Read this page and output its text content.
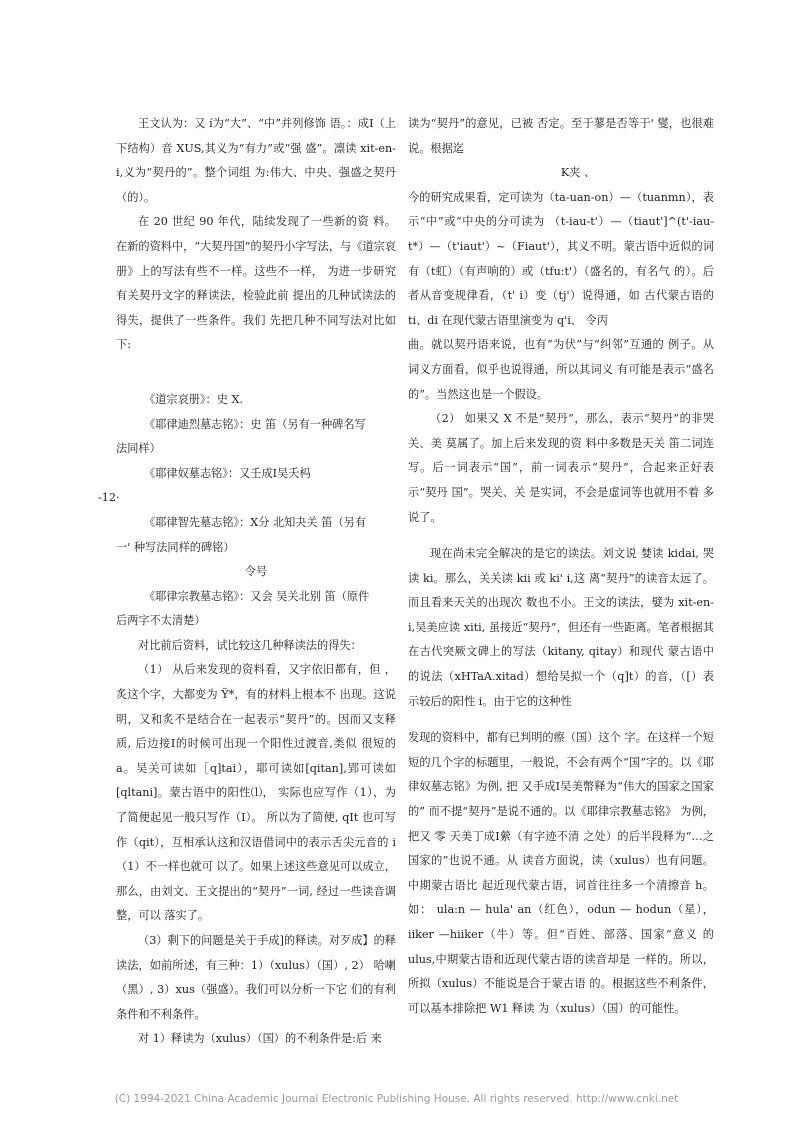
王文认为：又 í为“大”、“中”并列修饰 语。：成Ⅰ（上下结构）音 XUS,其义为“有力”或“强 盛”。凛读 xit-en-i,义为“契丹的”。整个词组 为:伟大、中央、强盛之契丹（的）。
在 20 世纪 90 年代，陆续发现了一些新的资 料。在新的资料中，“大契丹国”的契丹小字写法，与《道宗哀册》上的写法有些不一样。这些不一样， 为进一步研究有关契丹文字的释读法，检验此前 提出的几种试读法的得失，提供了一些条件。我们 先把几种不同写法对比如下:
《道宗哀册》：史 X.
《耶律迪烈墓志铭》：史 笛（另有一种碑名写
法同样）
《耶律奴墓志铭》：又壬成Ⅰ吴夭杩
-12·
《耶律智先墓志铭》：X分 北知夬关 笛（另有
一' 种写法同样的碑铭）
令号
《耶律宗教墓志铭》：又会 吴关北别 笛（原件
后两字不太清楚）
对比前后资料，试比较这几种释读法的得失：
（1） 从后来发现的资料看，又字依旧都有，但 ，炙这个字，大都变为 Ÿ*，有的材料上根本不 出现。这说明，又和炙不是结合在一起表示“契丹”的。因而又支释质, 后边接Ⅰ的时候可出现一个阳性过渡音,类似 很短的 a。吴关可读如［q]tai），耶可读如[qitan],郢可读如[qltani]。蒙古语中的阳性⑴， 实际也应写作（1），为了简便起见一般只写作（I）。 所以为了简便, qIt 也可写作（qit），互相承认这和汉语借词中的表示舌尖元音的 i（1）不一样也就可 以了。如果上述这些意见可以成立，那么，由刘文、王文提出的“契丹”一词, 经过一些读音调整，可以 落实了。
（3）剩下的问题是关于手成]的释读。对歹成】的释读法，如前所述，有三种：1）（xulus）（国）, 2） 哈喇（黑）, 3）xus（强盛）。我们可以分析一下它 们的有利条件和不利条件。
对 1）释读为（xulus）（国）的不利条件是:后 来
读为“契丹”的意见，已被 否定。至于蓼是否等于' 燮，也很难说。根据迄
K夹 、
今的研究成果看，定可读为（ta-uan-on）—（tuanmn），表示“中”或“中央的分可读为 （t-iau-t'）—（tiaut']^(t'-iau-t*）—（t'iaut'）~（Fiaut'），其义不明。蒙古语中近似的词有（t虹）（有声响的）或（tfu:t'）（盛名的，有名气 的）。后者从音变规律看，（t' i）变（tj'）说得通，如 古代蒙古语的 ti、di 在现代蒙古语里演变为 q'i、 令丙
曲。就以契丹语来说，也有“为伏”与“纠邻”互通的 例子。从词义方面看，似乎也说得通，所以其词义 有可能是表示“盛名的”。当然这也是一个假设。
（2） 如果又 X 不是“契丹”，那么，表示“契丹”的非哭关、美 莫属了。加上后来发现的资 料中多数是天关 笛二词连写。后一词表示“国”，前一词表示“契丹”，合起来正好表示“契丹 国”。哭关、关 是实词，不会是虚词等也就用不着 多说了。
现在尚未完全解决的是它的读法。刘文说 婪读 kidai, 哭读 ki。那么，关关读 kii 或 ki' i,这 离“契丹”的读音太远了。而且看来天关的出现次 数也不小。王文的读法，嬖为 xit-en-i,吴美应读 xiti, 虽接近“契丹”，但还有一些距离。笔者根据其 在古代突厥文碑上的写法（kitany, qitay）和现代 蒙古语中的说法（xHTaA.xitad）想给吴拟一个（q]t）的音，（[）表示较后的阳性 i。由于它的这种性
发现的资料中，都有已判明的瘵（国）这个 字。在这样一个短短的几个字的标题里，一般说，不会有两个“国”字的。以《耶律奴墓志铭》为例, 把 又手成Ⅰ吴美幣释为“伟大的国家之国家的” 而不提“契丹”是说不通的。以《耶律宗教墓志铭》 为例，把又 零 天美丁成Ⅰ縈（有字迹不清 之处）的后半段释为“…之国家的”也说不通。从 读音方面说，读（xulus）也有问题。中期蒙古语比 起近现代蒙古语，词首往往多一个清擦音 h。如： ula:n — hula' an（红色），odun — hodun（星）， iiker —hiiker（牛）等。但“百姓、部落、国家”意义 的 ulus,中期蒙古语和近现代蒙古语的读音却是 一样的。所以，所拟（xulus）不能说是合于蒙古语 的。根据这些不利条件，可以基本排除把 W1 释读 为（xulus）（国）的可能性。
(C) 1994-2021 China Academic Journal Electronic Publishing House. All rights reserved. http://www.cnki.net
